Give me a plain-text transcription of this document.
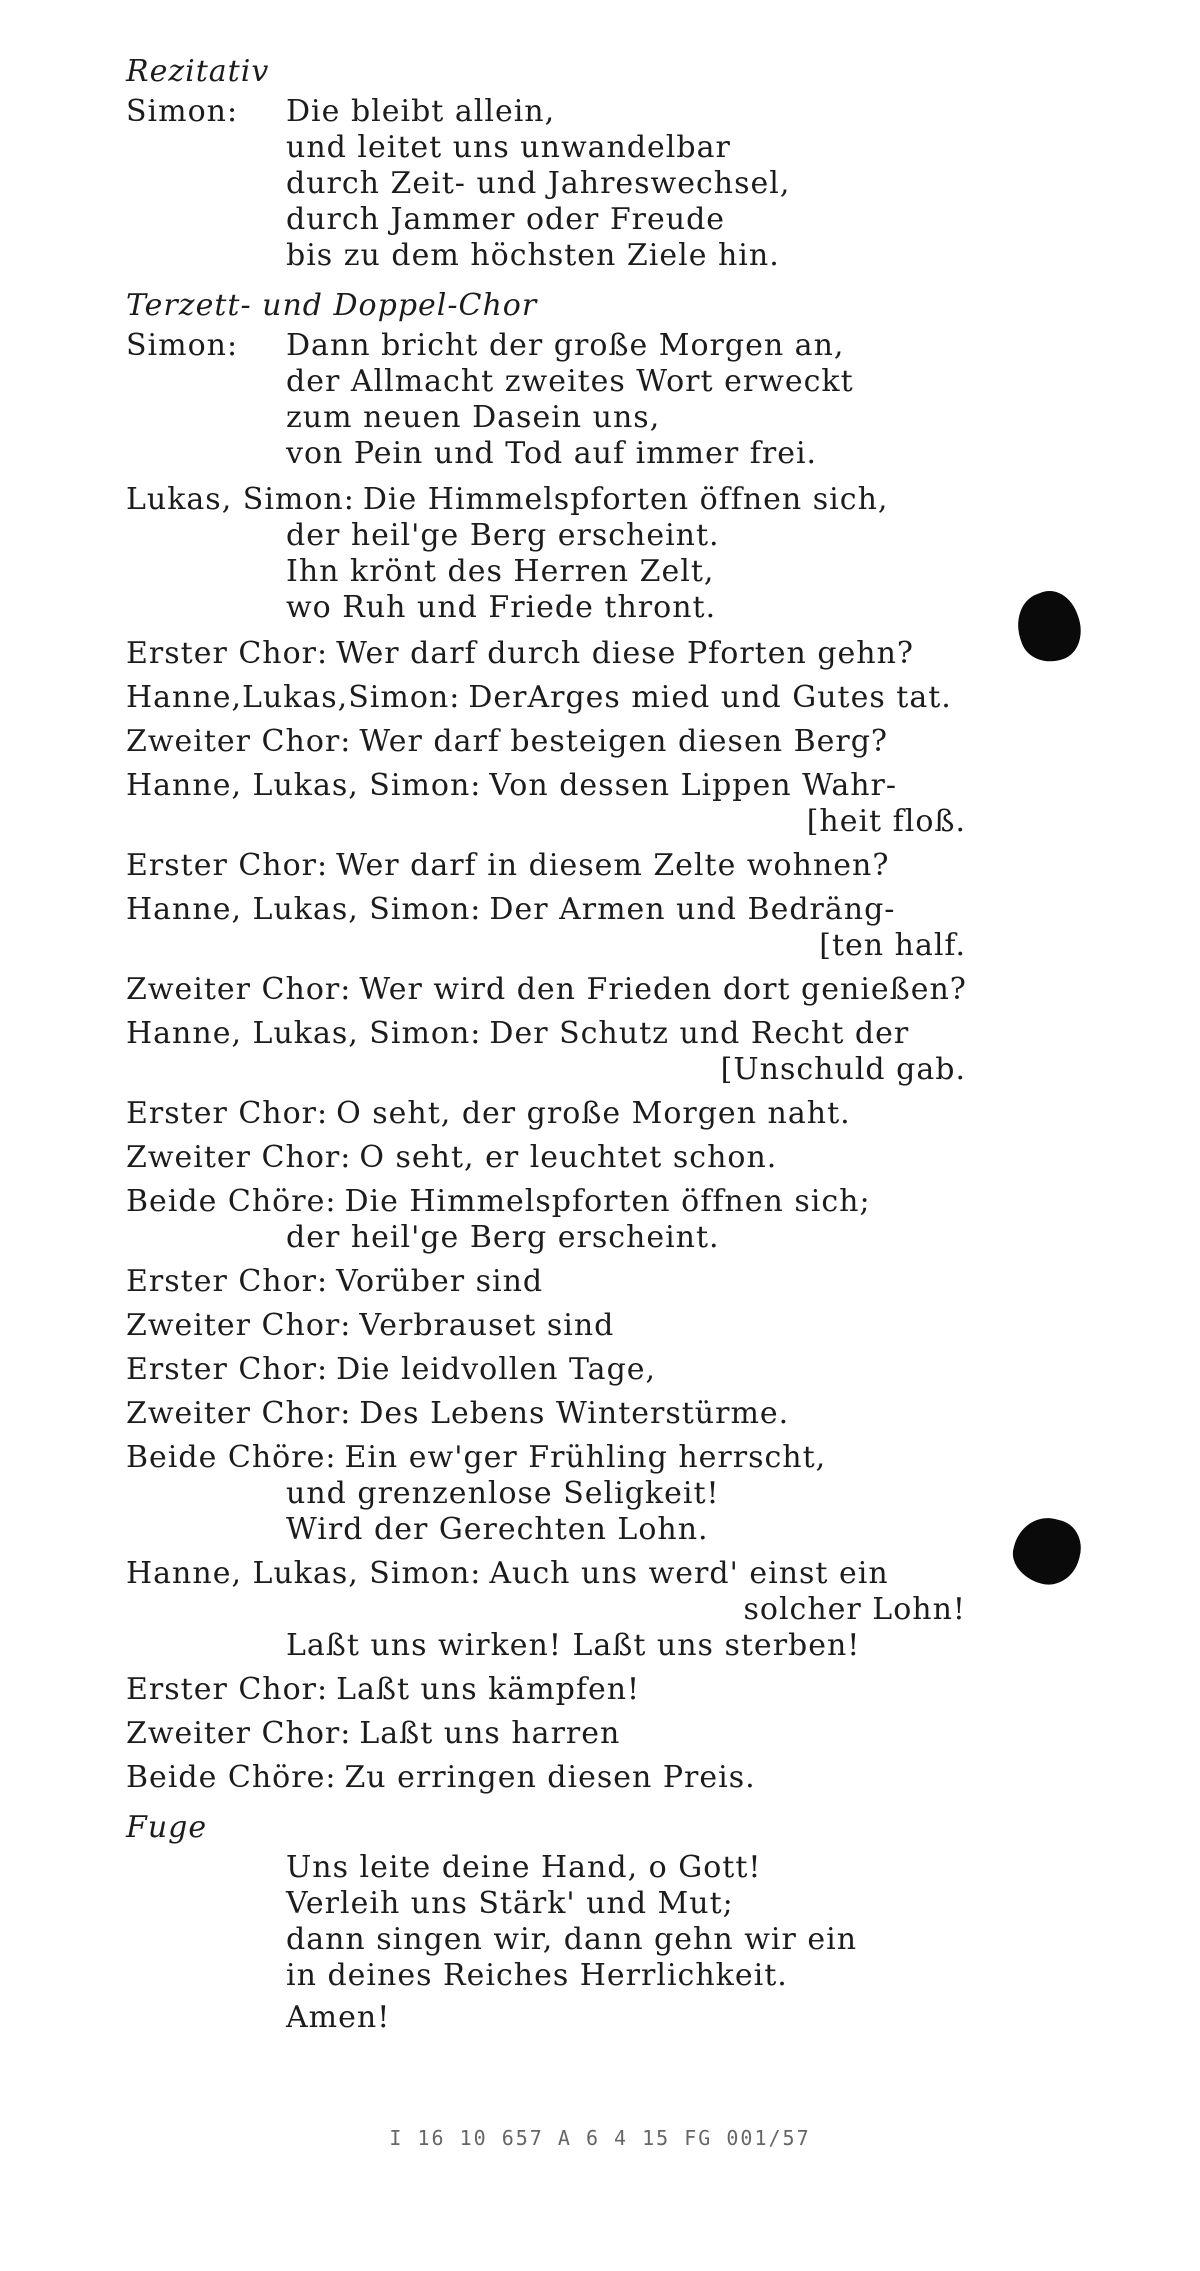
Rezitativ
Simon:	Die bleibt allein,
und leitet uns unwandelbar
durch Zeit- und Jahreswechsel,
durch Jammer oder Freude
bis zu dem höchsten Ziele hin.
Terzett- und Doppel-Chor
Simon:	Dann bricht der große Morgen an,
der Allmacht zweites Wort erweckt
zum neuen Dasein uns,
von Pein und Tod auf immer frei.
Lukas, Simon: Die Himmelspforten öffnen sich,
der heil'ge Berg erscheint.
Ihn krönt des Herren Zelt,
wo Ruh und Friede thront.
Erster Chor: Wer darf durch diese Pforten gehn?
Hanne,Lukas,Simon: DerArges mied und Gutes tat.
Zweiter Chor: Wer darf besteigen diesen Berg?
Hanne, Lukas, Simon: Von dessen Lippen Wahr-
[heit floß.
Erster Chor: Wer darf in diesem Zelte wohnen?
Hanne, Lukas, Simon: Der Armen und Bedräng-
[ten half.
Zweiter Chor: Wer wird den Frieden dort genießen?
Hanne, Lukas, Simon: Der Schutz und Recht der
[Unschuld gab.
Erster Chor: O seht, der große Morgen naht.
Zweiter Chor: O seht, er leuchtet schon.
Beide Chöre: Die Himmelspforten öffnen sich;
der heil'ge Berg erscheint.
Erster Chor: Vorüber sind
Zweiter Chor: Verbrauset sind
Erster Chor: Die leidvollen Tage,
Zweiter Chor: Des Lebens Winterstürme.
Beide Chöre: Ein ew'ger Frühling herrscht,
und grenzenlose Seligkeit!
Wird der Gerechten Lohn.
Hanne, Lukas, Simon: Auch uns werd' einst ein
solcher Lohn!
Laßt uns wirken! Laßt uns sterben!
Erster Chor: Laßt uns kämpfen!
Zweiter Chor: Laßt uns harren
Beide Chöre: Zu erringen diesen Preis.
Fuge
Uns leite deine Hand, o Gott!
Verleih uns Stärk' und Mut;
dann singen wir, dann gehn wir ein
in deines Reiches Herrlichkeit.
Amen!
I 16 10 657 A 6 4 15 FG 001/57
